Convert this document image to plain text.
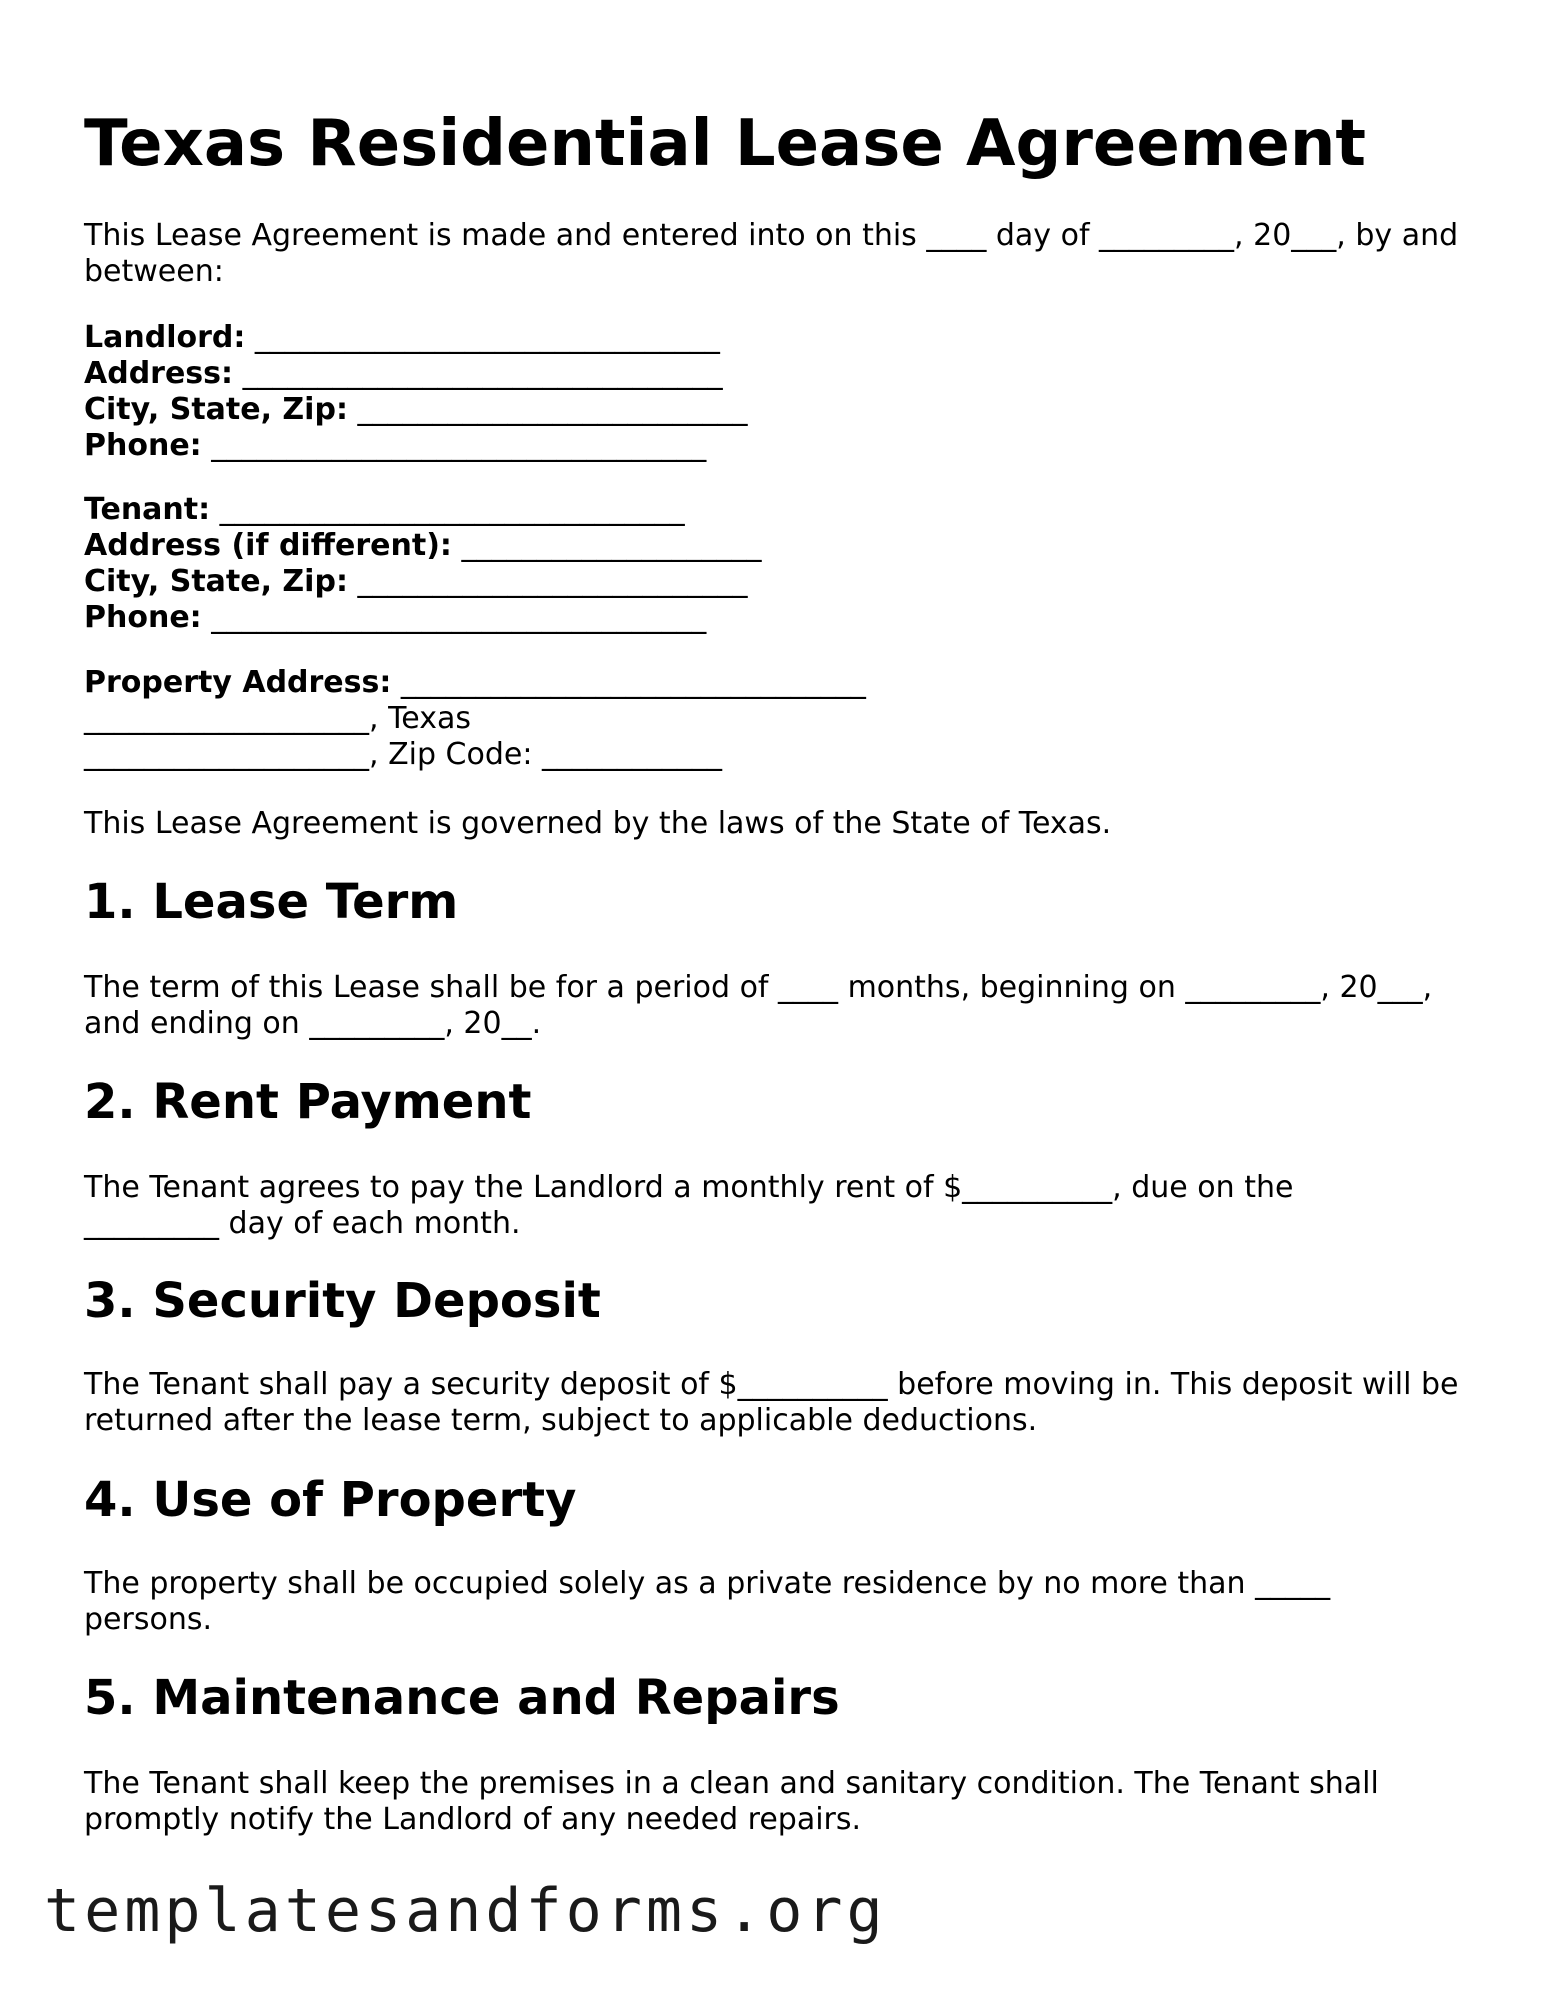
Texas Residential Lease Agreement

This Lease Agreement is made and entered into on this ____ day of _________, 20___, by and between:

Landlord: _______________________________
Address: ________________________________
City, State, Zip: __________________________
Phone: _________________________________
Tenant: _______________________________
Address (if different): ____________________
City, State, Zip: __________________________
Phone: _________________________________
Property Address: _______________________________
___________________, Texas
___________________, Zip Code: ____________

This Lease Agreement is governed by the laws of the State of Texas.

1. Lease Term

The term of this Lease shall be for a period of ____ months, beginning on _________, 20___, and ending on _________, 20__.

2. Rent Payment

The Tenant agrees to pay the Landlord a monthly rent of $__________, due on the _________ day of each month.

3. Security Deposit

The Tenant shall pay a security deposit of $__________ before moving in. This deposit will be returned after the lease term, subject to applicable deductions.

4. Use of Property

The property shall be occupied solely as a private residence by no more than _____ persons.

5. Maintenance and Repairs

The Tenant shall keep the premises in a clean and sanitary condition. The Tenant shall promptly notify the Landlord of any needed repairs.

templatesandforms.org
